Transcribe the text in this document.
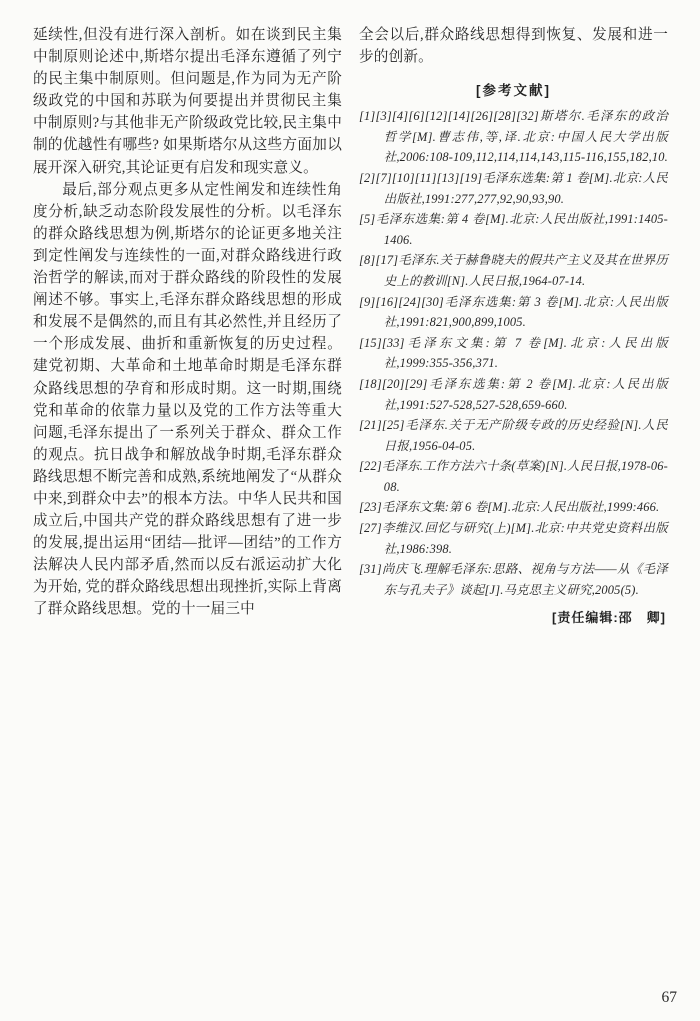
延续性,但没有进行深入剖析。如在谈到民主集中制原则论述中,斯塔尔提出毛泽东遵循了列宁的民主集中制原则。但问题是,作为同为无产阶级政党的中国和苏联为何要提出并贯彻民主集中制原则?与其他非无产阶级政党比较,民主集中制的优越性有哪些? 如果斯塔尔从这些方面加以展开深入研究,其论证更有启发和现实意义。

最后,部分观点更多从定性阐发和连续性角度分析,缺乏动态阶段发展性的分析。以毛泽东的群众路线思想为例,斯塔尔的论证更多地关注到定性阐发与连续性的一面,对群众路线进行政治哲学的解读,而对于群众路线的阶段性的发展阐述不够。事实上,毛泽东群众路线思想的形成和发展不是偶然的,而且有其必然性,并且经历了一个形成发展、曲折和重新恢复的历史过程。建党初期、大革命和土地革命时期是毛泽东群众路线思想的孕育和形成时期。这一时期,围绕党和革命的依靠力量以及党的工作方法等重大问题,毛泽东提出了一系列关于群众、群众工作的观点。抗日战争和解放战争时期,毛泽东群众路线思想不断完善和成熟,系统地阐发了“从群众中来,到群众中去”的根本方法。中华人民共和国成立后,中国共产党的群众路线思想有了进一步的发展,提出运用“团结—批评—团结”的工作方法解决人民内部矛盾,然而以反右派运动扩大化为开始, 党的群众路线思想出现挫折,实际上背离了群众路线思想。党的十一届三中

全会以后,群众路线思想得到恢复、发展和进一步的创新。

[参考文献]

[1][3][4][6][12][14][26][28][32]斯塔尔.毛泽东的政治哲学[M].曹志伟,等,译.北京:中国人民大学出版社,2006:108-109,112,114,114,143,115-116,155,182,10.

[2][7][10][11][13][19]毛泽东选集:第 1 卷[M].北京:人民出版社,1991:277,277,92,90,93,90.

[5]毛泽东选集:第 4 卷[M].北京:人民出版社,1991:1405-1406.

[8][17]毛泽东.关于赫鲁晓夫的假共产主义及其在世界历史上的教训[N].人民日报,1964-07-14.

[9][16][24][30]毛泽东选集:第 3 卷[M].北京:人民出版社,1991:821,900,899,1005.

[15][33]毛泽东文集:第 7 卷[M].北京:人民出版社,1999:355-356,371.

[18][20][29]毛泽东选集:第 2 卷[M].北京:人民出版社,1991:527-528,527-528,659-660.

[21][25]毛泽东.关于无产阶级专政的历史经验[N].人民日报,1956-04-05.

[22]毛泽东.工作方法六十条(草案)[N].人民日报,1978-06-08.

[23]毛泽东文集:第 6 卷[M].北京:人民出版社,1999:466.

[27]李维汉.回忆与研究(上)[M].北京:中共党史资料出版社,1986:398.

[31]尚庆飞.理解毛泽东:思路、视角与方法——从《毛泽东与孔夫子》谈起[J].马克思主义研究,2005(5).

[责任编辑:邵　卿]

67
